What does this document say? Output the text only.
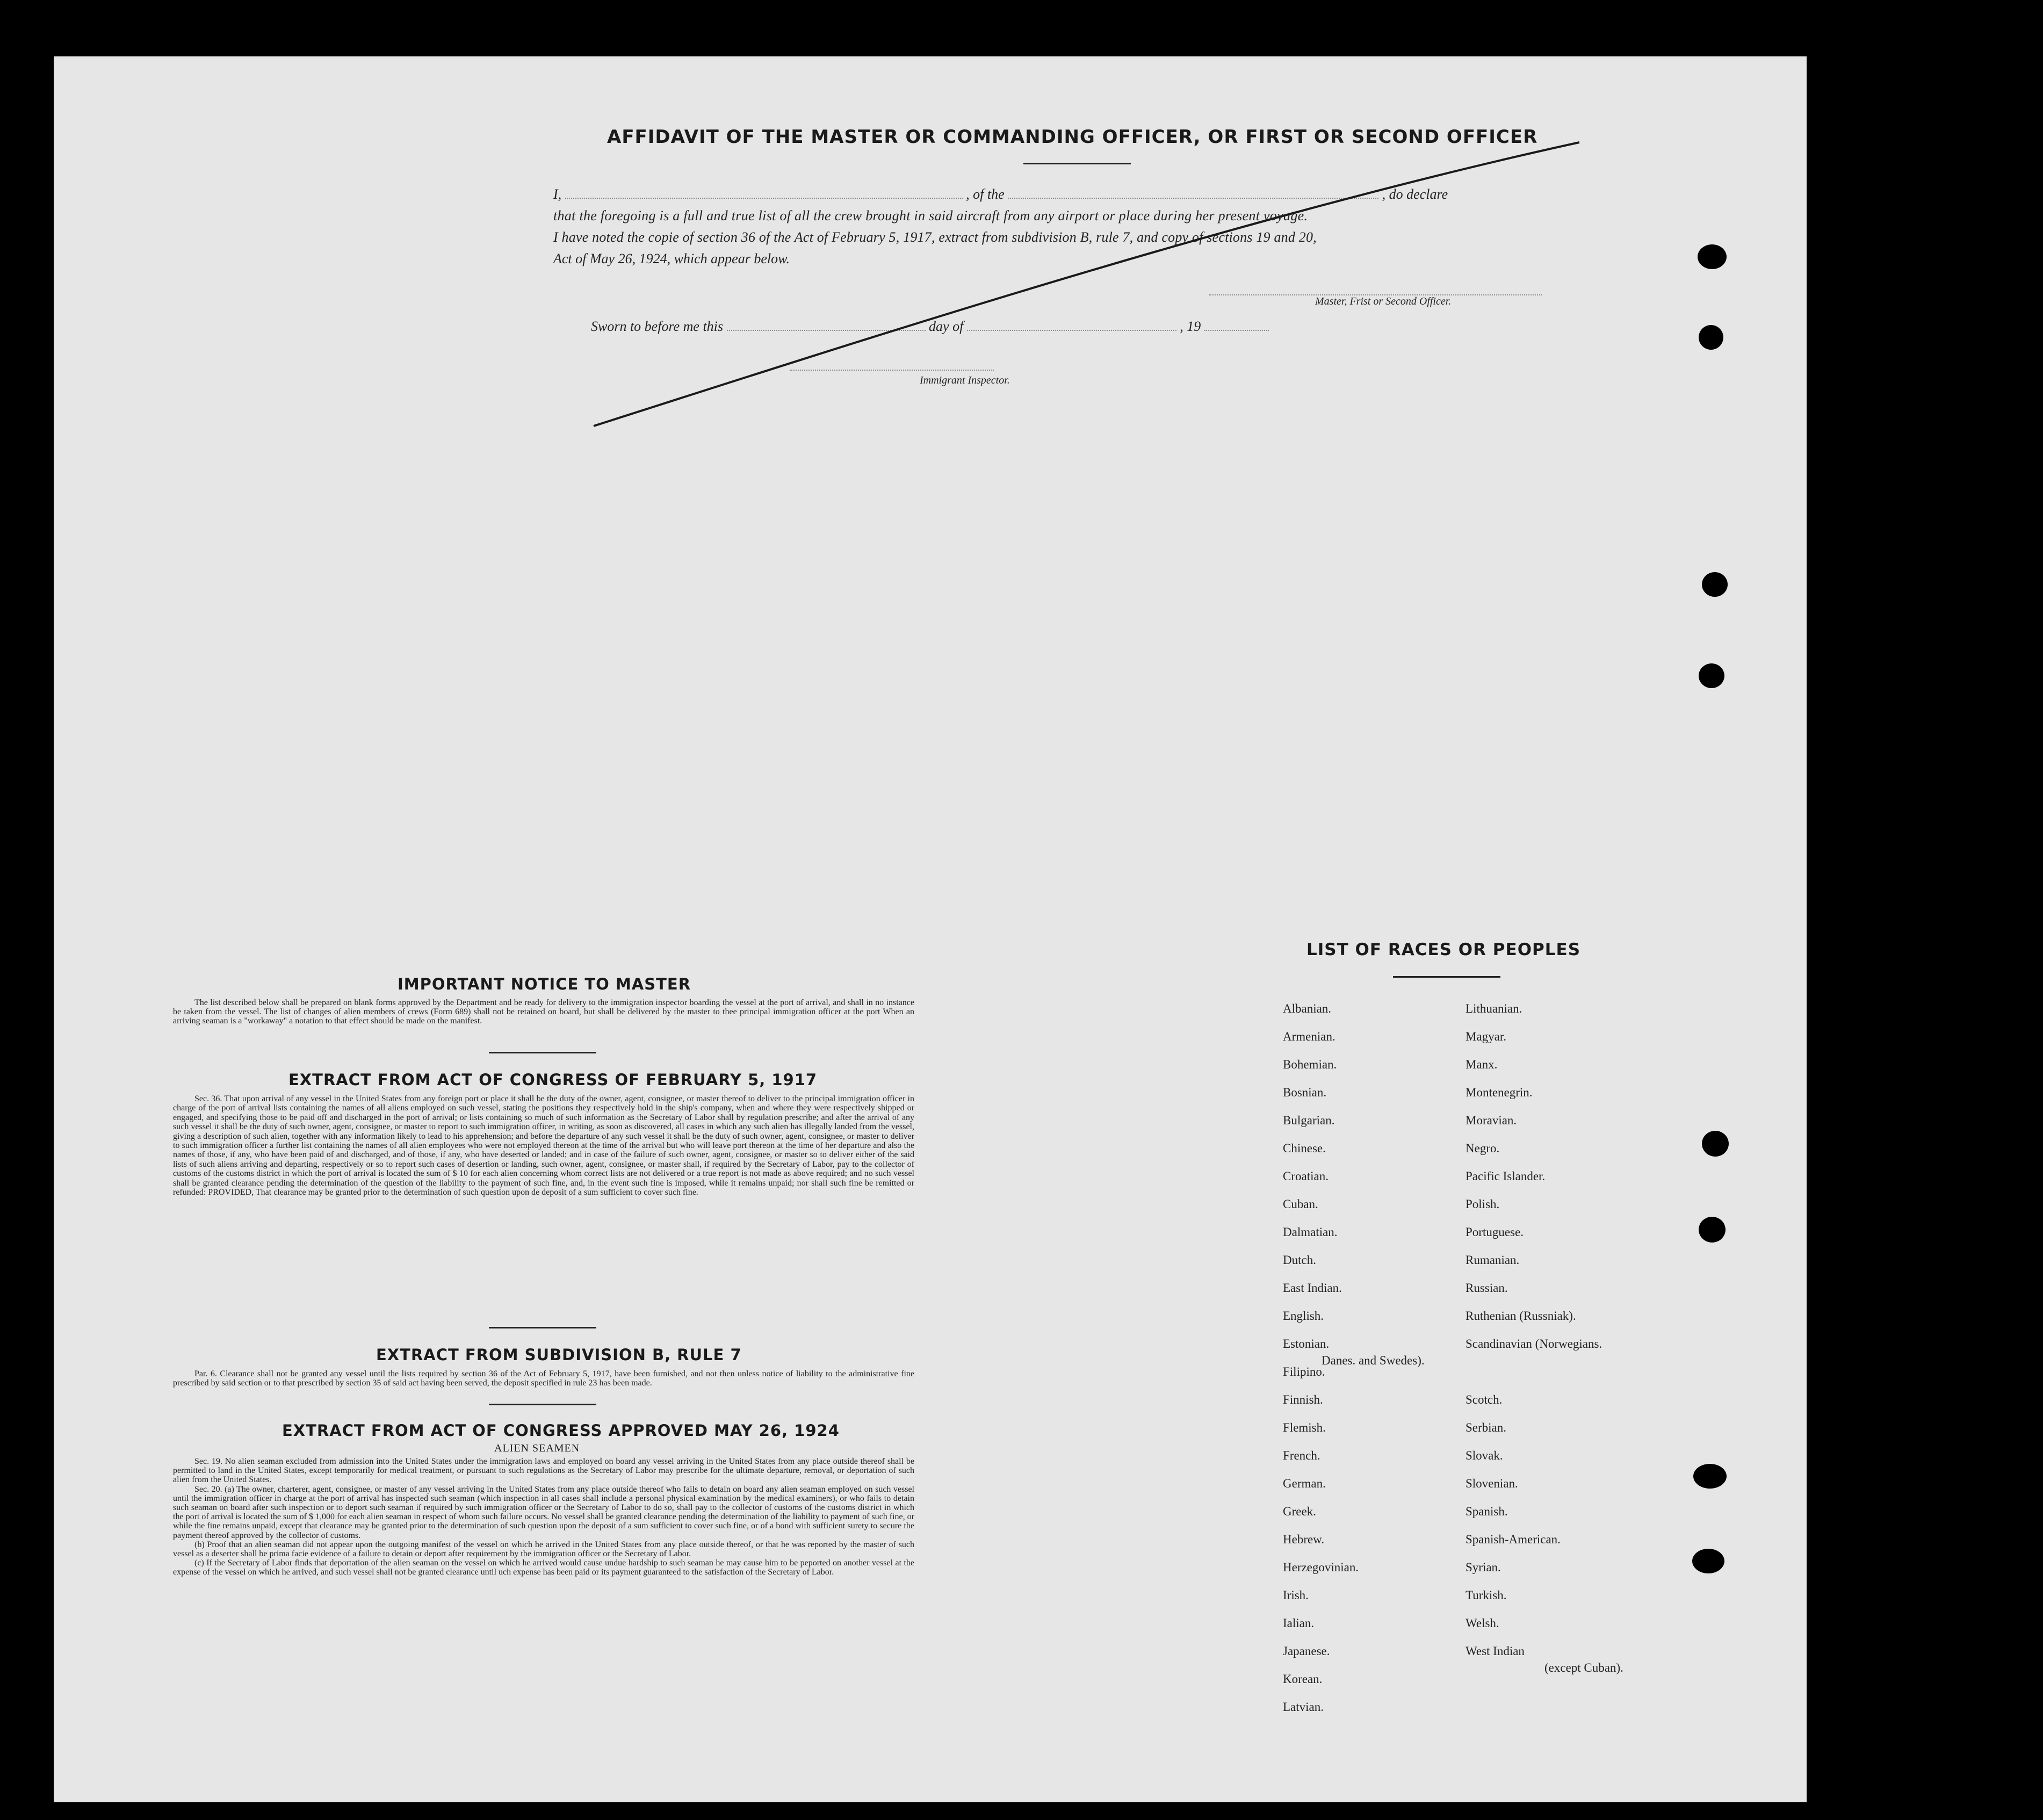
AFFIDAVIT OF THE MASTER OR COMMANDING OFFICER, OR FIRST OR SECOND OFFICER
I,	, of the	, do declare
that the foregoing is a full and true list of all the crew brought in said aircraft from any airport or place during her present voyage.
I have noted the copie of section 36 of the Act of February 5, 1917, extract from subdivision B, rule 7, and copy of sections 19 and 20,
Act of May 26, 1924, which appear below.
Master, Frist or Second Officer.
Sworn to before me this	day of	, 19
Immigrant Inspector.
IMPORTANT NOTICE TO MASTER

The list described below shall be prepared on blank forms approved by the Department and be ready for delivery to the immigration inspector boarding the vessel at the port of arrival, and shall in no instance be taken from the vessel. The list of changes of alien members of crews (Form 689) shall not be retained on board, but shall be delivered by the master to thee principal immigration officer at the port When an arriving seaman is a "workaway" a notation to that effect should be made on the manifest.

EXTRACT FROM ACT OF CONGRESS OF FEBRUARY 5, 1917

Sec. 36. That upon arrival of any vessel in the United States from any foreign port or place it shall be the duty of the owner, agent, consignee, or master thereof to deliver to the principal immigration officer in charge of the port of arrival lists containing the names of all aliens employed on such vessel, stating the positions they respectively hold in the ship's company, when and where they were respectively shipped or engaged, and specifying those to be paid off and discharged in the port of arrival; or lists containing so much of such information as the Secretary of Labor shall by regulation prescribe; and after the arrival of any such vessel it shall be the duty of such owner, agent, consignee, or master to report to such immigration officer, in writing, as soon as discovered, all cases in which any such alien has illegally landed from the vessel, giving a description of such alien, together with any information likely to lead to his apprehension; and before the departure of any such vessel it shall be the duty of such owner, agent, consignee, or master to deliver to such immigration officer a further list containing the names of all alien employees who were not employed thereon at the time of the arrival but who will leave port thereon at the time of her departure and also the names of those, if any, who have been paid of and discharged, and of those, if any, who have deserted or landed; and in case of the failure of such owner, agent, consignee, or master so to deliver either of the said lists of such aliens arriving and departing, respectively or so to report such cases of desertion or landing, such owner, agent, consignee, or master shall, if required by the Secretary of Labor, pay to the collector of customs of the customs district in which the port of arrival is located the sum of $ 10 for each alien concerning whom correct lists are not delivered or a true report is not made as above required; and no such vessel shall be granted clearance pending the determination of the question of the liability to the payment of such fine, and, in the event such fine is imposed, while it remains unpaid; nor shall such fine be remitted or refunded: PROVIDED, That clearance may be granted prior to the determination of such question upon de deposit of a sum sufficient to cover such fine.

EXTRACT FROM SUBDIVISION B, RULE 7

Par. 6. Clearance shall not be granted any vessel until the lists required by section 36 of the Act of February 5, 1917, have been furnished, and not then unless notice of liability to the administrative fine prescribed by said section or to that prescribed by section 35 of said act having been served, the deposit specified in rule 23 has been made.

EXTRACT FROM ACT OF CONGRESS APPROVED MAY 26, 1924
ALIEN SEAMEN

Sec. 19. No alien seaman excluded from admission into the United States under the immigration laws and employed on board any vessel arriving in the United States from any place outside thereof shall be permitted to land in the United States, except temporarily for medical treatment, or pursuant to such regulations as the Secretary of Labor may prescribe for the ultimate departure, removal, or deportation of such alien from the United States.

Sec. 20. (a) The owner, charterer, agent, consignee, or master of any vessel arriving in the United States from any place outside thereof who fails to detain on board any alien seaman employed on such vessel until the immigration officer in charge at the port of arrival has inspected such seaman (which inspection in all cases shall include a personal physical examination by the medical examiners), or who fails to detain such seaman on board after such inspection or to deport such seaman if required by such immigration officer or the Secretary of Labor to do so, shall pay to the collector of customs of the customs district in which the port of arrival is located the sum of $ 1,000 for each alien seaman in respect of whom such failure occurs. No vessel shall be granted clearance pending the determination of the liability to payment of such fine, or while the fine remains unpaid, except that clearance may be granted prior to the determination of such question upon the deposit of a sum sufficient to cover such fine, or of a bond with sufficient surety to secure the payment thereof approved by the collector of customs.

(b) Proof that an alien seaman did not appear upon the outgoing manifest of the vessel on which he arrived in the United States from any place outside thereof, or that he was reported by the master of such vessel as a deserter shall be prima facie evidence of a failure to detain or deport after requirement by the immigration officer or the Secretary of Labor.

(c) If the Secretary of Labor finds that deportation of the alien seaman on the vessel on which he arrived would cause undue hardship to such seaman he may cause him to be peported on another vessel at the expense of the vessel on which he arrived, and such vessel shall not be granted clearance until uch expense has been paid or its payment guaranteed to the satisfaction of the Secretary of Labor.

LIST OF RACES OR PEOPLES
Albanian.
Armenian.
Bohemian.
Bosnian.
Bulgarian.
Chinese.
Croatian.
Cuban.
Dalmatian.
Dutch.
East Indian.
English.
Estonian.
Filipino.
Finnish.
Flemish.
French.
German.
Greek.
Hebrew.
Herzegovinian.
Irish.
Ialian.
Japanese.
Korean.
Latvian.
Lithuanian.
Magyar.
Manx.
Montenegrin.
Moravian.
Negro.
Pacific Islander.
Polish.
Portuguese.
Rumanian.
Russian.
Ruthenian (Russniak).
Scandinavian (Norwegians.
Danes. and Swedes).
Scotch.
Serbian.
Slovak.
Slovenian.
Spanish.
Spanish-American.
Syrian.
Turkish.
Welsh.
West Indian
(except Cuban).
